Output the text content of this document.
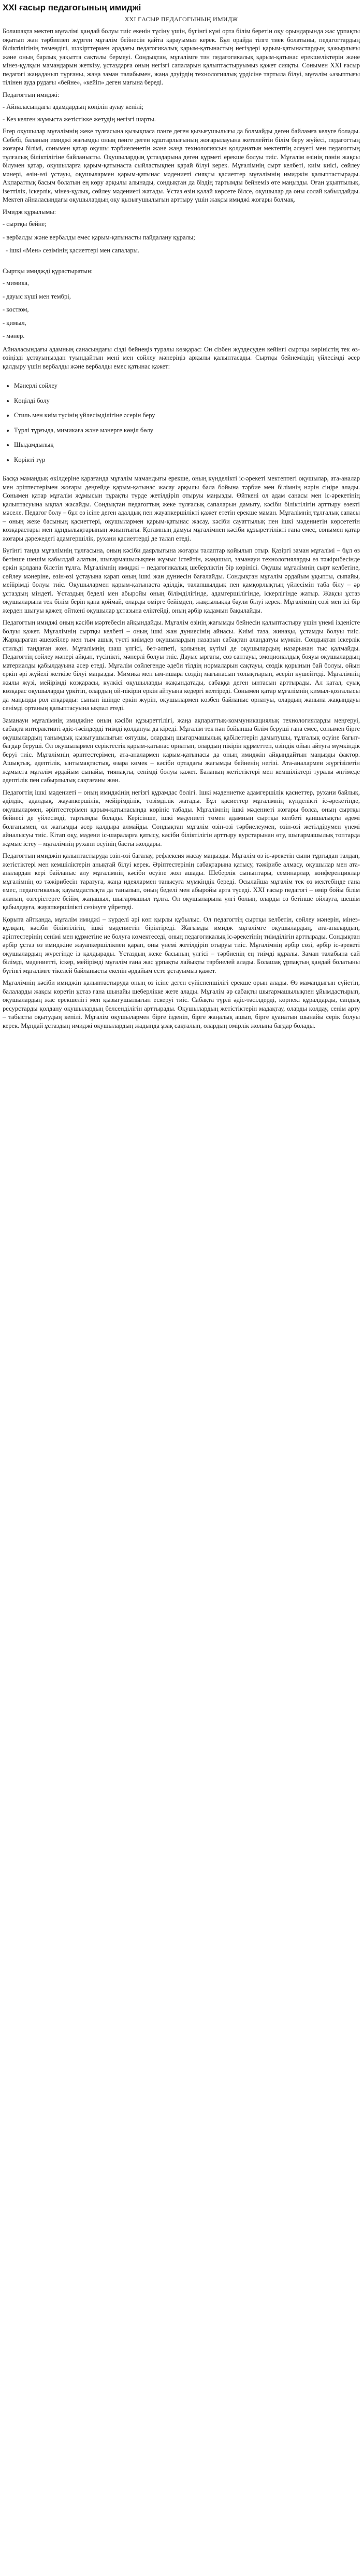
XXI ғасыр педагогының имиджі
XXI ҒАСЫР ПЕДАГОГЫНЫҢ ИМИДЖ

Болашақта мектеп мұғалімі қандай болуы тиіс екенін түсіну үшін, бүгінгі күні орта білім беретін оқу орындарында жас ұрпақты оқытып жән тәрбиелеп жүрген мұғалім бейнесін қайта қарауымыз керек. Бұл орайда тілге тиек болатыны, педагогтардың біліктілігінің төмендігі, шәкірттермен арадағы педагогикалық қарым-қатынастың негіздері қарым-қатынастардың қажырлығы және оның барлық уақытта сақталы бермеуі. Сондықтан, мұғалімге тән педагогикалық қарым-қатынас ерекшеліктерін және мінез-құлқын мамандарын жеткізу, ұстаздарға оның негізгі сапаларын қалыптастыруымыз қажет сияқты. Сонымен XXI ғасыр педагогі жаңаданып тұрғаны, жаңа заман талабымен, жаңа дәуірдің технологиялық үрдісіне тартыла білуі, мұғалім «азыптығы тілінен ауда рудағы «бейне», «кейіп» деген мағына береді.

Педагогтың имиджі:

- Айналасындағы адамдардың көңілін аулау кепілі;

- Кез келген жұмыста жетістікке жетудің негізгі шарты.

Егер оқушылар мұғалімнің жеке тұлғасына қызықпаса пәнге деген қызығушылығы да болмайды деген байламға келуге болады. Себебі, баланың имиджі жағымды оның пәнге деген құштарлығының жоғарылауына жетелейтін білім беру жүйесі, педагогтың жоғары білімі, сонымен қатар оқушы тәрбиеленетін және жаңа технологиясын қолданатын мектептің әлеуеті мен педагогтың тұлғалық біліктілігіне байланысты. Оқушылардың ұстаздарына деген құрметі ерекше болуы тиіс. Мұғалім өзінің пәнін жақсы білумен қатар, оқушыларға қарым-қатынаста сыйластықпен қарай білуі керек. Мұғалімнің сырт келбеті, киім киісі, сөйлеу мәнері, өзін-өзі ұстауы, оқушылармен қарым-қатынас мәдениеті сияқты қасиеттер мұғалімнің имиджін қалыптастырады. Ақпараттық басым болатын ең көру арқылы алынады, сондықтан да біздің тартымды бейнеміз өте маңызды. Оған ұқыптылық, ізеттілік, іскерлік, мінез-құлық, сөйлеу мәдениеті жатады. Ұстаз өзін қалай көрсете білсе, оқушылар да оны солай қабылдайды. Мектеп айналасындағы оқушылардың оқу қызығушылығын арттыру үшін жақсы имиджі жоғары болмақ.

Имидж құрылымы:

- сыртқы бейне;
- вербалды және вербалды емес қарым-қатынасты пайдалану құралы;
- ішкі «Мен» сезімінің қасиеттері мен сапалары.

Сыртқы имиджді құрастыратын:

- мимика,
- дауыс күші мен тембрі,
- костюм,
- қимыл,
- мәнер.

Айналасындағы адамның санасындағы сізді бейнеңіз туралы көзқарас: Он сізбен жүздесуден кейінгі сыртқы көріністің тек өз-өзіңізді ұстауыңыздан туындайтын мені мен сөйлеу мәнеріңіз арқылы қалыптасады. Сыртқы бейнеміздің үйлесімді әсер қалдыру үшін вербалды және вербалды емес қатынас қажет:

• Мәнерлі сөйлеу
• Көңілді болу
• Стиль мен киім түсінің үйлесімділігіне әсерін беру
• Түрлі тұрғыда, мимикаға және мәнерге көңіл бөлу
• Шыдамдылық
• Көрікті түр

Басқа мамандық өкілдеріне қарағанда мұғалім мамандығы ерекше, оның күнделікті іс-әрекеті мектептегі оқушылар, ата-аналар мен әріптестерімен жоғары деңгейде қарым-қатынас жасау арқылы бала бойына тәрбие мен білімнің нәрін сіңіре алады. Сонымен қатар мұғалім жұмысын тұрақты түрде жетілдіріп отыруы маңызды. Өйткені ол адам санасы мен іс-әрекетінің қалыптасуына ықпал жасайды. Сондықтан педагогтың жеке тұлғалық сапаларын дамыту, кәсіби біліктілігін арттыру өзекті мәселе. Педагог болу – бұл өз ісіне деген адалдық пен жауапкершілікті қажет ететін ерекше маман. Мұғалімнің тұлғалық сапасы – оның жеке басының қасиеттері, оқушылармен қарым-қатынас жасау, кәсіби сауаттылық пен ішкі мәдениетін көрсететін көзқарастары мен құндылықтарының жиынтығы. Қоғамның дамуы мұғалімнен кәсіби құзыреттілікті ғана емес, сонымен қатар жоғары дәрежедегі адамгершілік, рухани қасиеттерді де талап етеді.

Бүгінгі таңда мұғалімнің тұлғасына, оның кәсіби даярлығына жоғары талаптар қойылып отыр. Қазіргі заман мұғалімі – бұл өз бетінше шешім қабылдай алатын, шығармашылықпен жұмыс істейтін, жаңашыл, заманауи технологияларды өз тәжірибесінде еркін қолдана білетін тұлға. Мұғалімнің имиджі – педагогикалық шеберліктің бір көрінісі. Оқушы мұғалімнің сырт келбетіне, сөйлеу мәнеріне, өзін-өзі ұстауына қарап оның ішкі жан дүниесін бағалайды. Сондықтан мұғалім әрдайым ұқыпты, сыпайы, мейірімді болуы тиіс. Оқушылармен қарым-қатынаста әділдік, талапшылдық пен қамқорлықтың үйлесімін таба білу – әр ұстаздың міндеті. Ұстаздың беделі мен абыройы оның білімділігінде, адамгершілігінде, іскерлігінде жатыр. Жақсы ұстаз оқушыларына тек білім беріп қана қоймай, оларды өмірге бейімдеп, жақсылыққа баули білуі керек. Мұғалімнің сөзі мен ісі бір жерден шығуы қажет, өйткені оқушылар ұстазына еліктейді, оның әрбір қадамын бақылайды.

Педагогтың имиджі оның кәсіби мәртебесін айқындайды. Мұғалім өзінің жағымды бейнесін қалыптастыру үшін үнемі ізденісте болуы қажет. Мұғалімнің сыртқы келбеті – оның ішкі жан дүниесінің айнасы. Киімі таза, жинақы, ұстамды болуы тиіс. Жарқыраған әшекейлер мен тым ашық түсті киімдер оқушылардың назарын сабақтан алаңдатуы мүмкін. Сондықтан іскерлік стильді таңдаған жөн. Мұғалімнің шаш үлгісі, бет-әлпеті, қолының күтімі де оқушылардың назарынан тыс қалмайды. Педагогтің сөйлеу мәнері айқын, түсінікті, мәнерлі болуы тиіс. Дауыс ырғағы, сөз саптауы, эмоционалдық бояуы оқушылардың материалды қабылдауына әсер етеді. Мұғалім сөйлегенде әдеби тілдің нормаларын сақтауы, сөздік қорының бай болуы, ойын еркін әрі жүйелі жеткізе білуі маңызды. Мимика мен ым-ишара сөздің мағынасын толықтырып, әсерін күшейтеді. Мұғалімнің жылы жүзі, мейірімді көзқарасы, күлкісі оқушыларды жақындатады, сабаққа деген ынтасын арттырады. Ал қатал, суық көзқарас оқушыларды үркітіп, олардың ой-пікірін еркін айтуына кедергі келтіреді. Сонымен қатар мұғалімнің қимыл-қозғалысы да маңызды рөл атқарады: сынып ішінде еркін жүріп, оқушылармен көзбен байланыс орнатуы, олардың жанына жақындауы сенімді ортаның қалыптасуына ықпал етеді.

Заманауи мұғалімнің имиджіне оның кәсіби құзыреттілігі, жаңа ақпараттық-коммуникациялық технологияларды меңгеруі, сабақта интерактивті әдіс-тәсілдерді тиімді қолдануы да кіреді. Мұғалім тек пән бойынша білім беруші ғана емес, сонымен бірге оқушылардың танымдық қызығушылығын оятушы, олардың шығармашылық қабілеттерін дамытушы, тұлғалық өсуіне бағыт-бағдар беруші. Ол оқушылармен серіктестік қарым-қатынас орнатып, олардың пікірін құрметтеп, өзіндік ойын айтуға мүмкіндік беруі тиіс. Мұғалімнің әріптестерімен, ата-аналармен қарым-қатынасы да оның имиджін айқындайтын маңызды фактор. Ашықтық, әдептілік, ынтымақтастық, өзара көмек – кәсіби ортадағы жағымды бейненің негізі. Ата-аналармен жүргізілетін жұмыста мұғалім әрдайым сыпайы, тиянақты, сенімді болуы қажет. Баланың жетістіктері мен кемшіліктері туралы әңгімеде әдептілік пен сабырлылық сақтағаны жөн.

Педагогтің ішкі мәдениеті – оның имиджінің негізгі құрамдас бөлігі. Ішкі мәдениетке адамгершілік қасиеттер, рухани байлық, әділдік, адалдық, жауапкершілік, мейірімділік, төзімділік жатады. Бұл қасиеттер мұғалімнің күнделікті іс-әрекетінде, оқушылармен, әріптестерімен қарым-қатынасында көрініс табады. Мұғалімнің ішкі мәдениеті жоғары болса, оның сыртқы бейнесі де үйлесімді, тартымды болады. Керісінше, ішкі мәдениеті төмен адамның сыртқы келбеті қаншалықты әдемі болғанымен, ол жағымды әсер қалдыра алмайды. Сондықтан мұғалім өзін-өзі тәрбиелеумен, өзін-өзі жетілдірумен үнемі айналысуы тиіс. Кітап оқу, мәдени іс-шараларға қатысу, кәсіби біліктілігін арттыру курстарынан өту, шығармашылық топтарда жұмыс істеу – мұғалімнің рухани өсуінің басты жолдары.

Педагогтың имиджін қалыптастыруда өзін-өзі бағалау, рефлексия жасау маңызды. Мұғалім өз іс-әрекетін сыни тұрғыдан талдап, жетістіктері мен кемшіліктерін анықтай білуі керек. Әріптестерінің сабақтарына қатысу, тәжірибе алмасу, оқушылар мен ата-аналардан кері байланыс алу мұғалімнің кәсіби өсуіне жол ашады. Шеберлік сыныптары, семинарлар, конференциялар мұғалімнің өз тәжірибесін таратуға, жаңа идеялармен танысуға мүмкіндік береді. Осылайша мұғалім тек өз мектебінде ғана емес, педагогикалық қауымдастықта да танылып, оның беделі мен абыройы арта түседі. XXI ғасыр педагогі – өмір бойы білім алатын, өзгерістерге бейім, жаңашыл, шығармашыл тұлға. Ол оқушыларына үлгі болып, оларды өз бетінше ойлауға, шешім қабылдауға, жауапкершілікті сезінуге үйретеді.

Қорыта айтқанда, мұғалім имиджі – күрделі әрі көп қырлы құбылыс. Ол педагогтің сыртқы келбетін, сөйлеу мәнерін, мінез-құлқын, кәсіби біліктілігін, ішкі мәдениетін біріктіреді. Жағымды имидж мұғалімге оқушылардың, ата-аналардың, әріптестерінің сенімі мен құрметіне ие болуға көмектеседі, оның педагогикалық іс-әрекетінің тиімділігін арттырады. Сондықтан әрбір ұстаз өз имиджіне жауапкершілікпен қарап, оны үнемі жетілдіріп отыруы тиіс. Мұғалімнің әрбір сөзі, әрбір іс-әрекеті оқушылардың жүрегінде із қалдырады. Ұстаздың жеке басының үлгісі – тәрбиенің ең тиімді құралы. Заман талабына сай білімді, мәдениетті, іскер, мейірімді мұғалім ғана жас ұрпақты лайықты тәрбиелей алады. Болашақ ұрпақтың қандай болатыны бүгінгі мұғалімге тікелей байланысты екенін әрдайым есте ұстауымыз қажет.

Мұғалімнің кәсіби имиджін қалыптастыруда оның өз ісіне деген сүйіспеншілігі ерекше орын алады. Өз мамандығын сүйетін, балаларды жақсы көретін ұстаз ғана шынайы шеберлікке жете алады. Мұғалім әр сабақты шығармашылықпен ұйымдастырып, оқушылардың жас ерекшелігі мен қызығушылығын ескеруі тиіс. Сабақта түрлі әдіс-тәсілдерді, көрнекі құралдарды, сандық ресурстарды қолдану оқушылардың белсенділігін арттырады. Оқушылардың жетістіктерін мадақтау, оларды қолдау, сенім арту – табысты оқытудың кепілі. Мұғалім оқушылармен бірге ізденіп, бірге жаңалық ашып, бірге қуанатын шынайы серік болуы керек. Мұндай ұстаздың имиджі оқушылардың жадында ұзақ сақталып, олардың өмірлік жолына бағдар болады.
